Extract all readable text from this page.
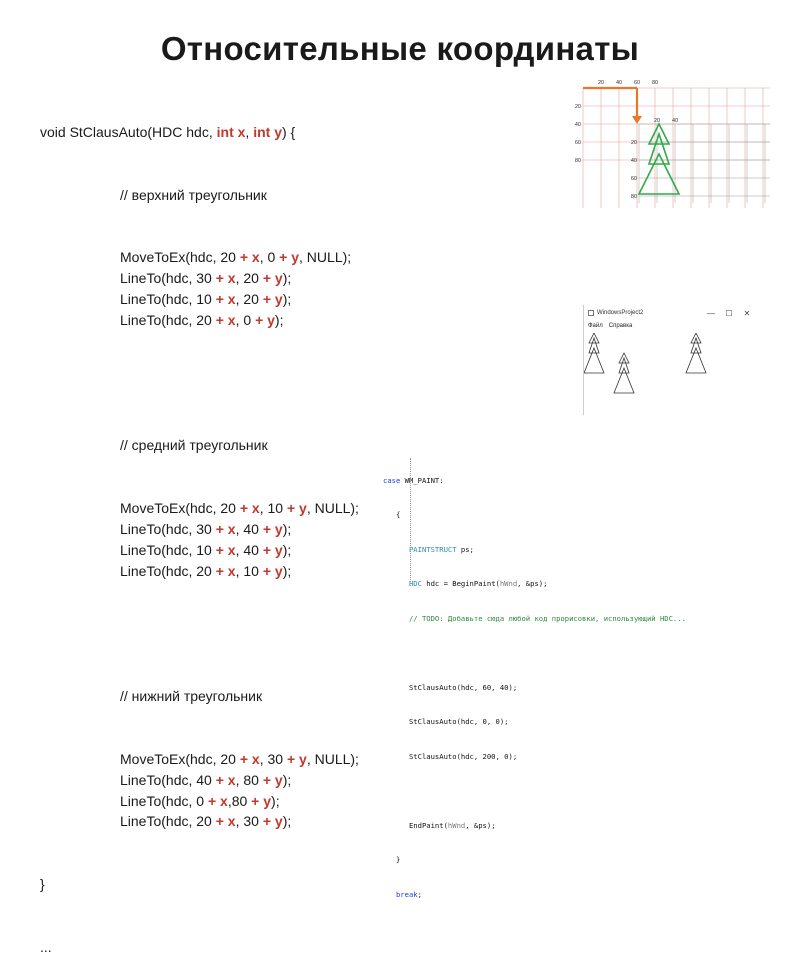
Относительные координаты

void StClausAuto(HDC hdc, int x, int y) {

// верхний треугольник

MoveToEx(hdc, 20 + x, 0 + y, NULL);
LineTo(hdc, 30 + x, 20 + y);
LineTo(hdc, 10 + x, 20 + y);
LineTo(hdc, 20 + x, 0 + y);

// средний треугольник

MoveToEx(hdc, 20 + x, 10 + y, NULL);
LineTo(hdc, 30 + x, 40 + y);
LineTo(hdc, 10 + x, 40 + y);
LineTo(hdc, 20 + x, 10 + y);

// нижний треугольник

MoveToEx(hdc, 20 + x, 30 + y, NULL);
LineTo(hdc, 40 + x, 80 + y);
LineTo(hdc, 0 + x,80 + y);
LineTo(hdc, 20 + x, 30 + y);

}

...

20 40 60 80
20
40
60
80
20 40
20
40
60
80
WindowsProject2	—	☐	✕
Файл Справка

case WM_PAINT:

{

PAINTSTRUCT ps;

HDC hdc = BeginPaint(hWnd, &ps);

// TODO: Добавьте сюда любой код прорисовки, использующий HDC...

StClausAuto(hdc, 60, 40);

StClausAuto(hdc, 0, 0);

StClausAuto(hdc, 200, 0);

EndPaint(hWnd, &ps);

}

break;
